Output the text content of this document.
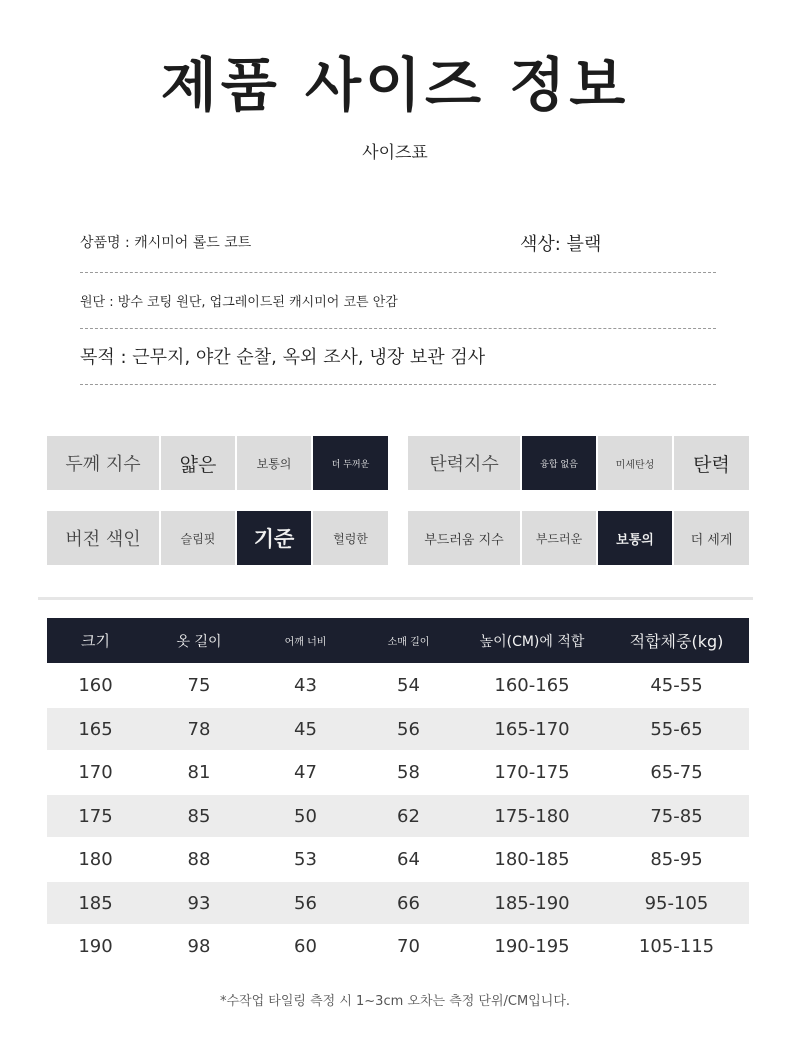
제품 사이즈 정보
사이즈표
상품명 : 캐시미어 롤드 코트	색상: 블랙
원단 : 방수 코팅 원단, 업그레이드된 캐시미어 코튼 안감
목적 : 근무지, 야간 순찰, 옥외 조사, 냉장 보관 검사
두께 지수	얇은	보통의	더 두꺼운	탄력지수	융합 없음	미세탄성	탄력
버전 색인	슬림핏	기준	헐렁한	부드러움 지수	부드러운	보통의	더 세게
크기	옷 길이	어깨 너비	소매 길이	높이(CM)에 적합	적합체중(kg)
160	75	43	54	160-165	45-55
165	78	45	56	165-170	55-65
170	81	47	58	170-175	65-75
175	85	50	62	175-180	75-85
180	88	53	64	180-185	85-95
185	93	56	66	185-190	95-105
190	98	60	70	190-195	105-115
*수작업 타일링 측정 시 1~3cm 오차는 측정 단위/CM입니다.
